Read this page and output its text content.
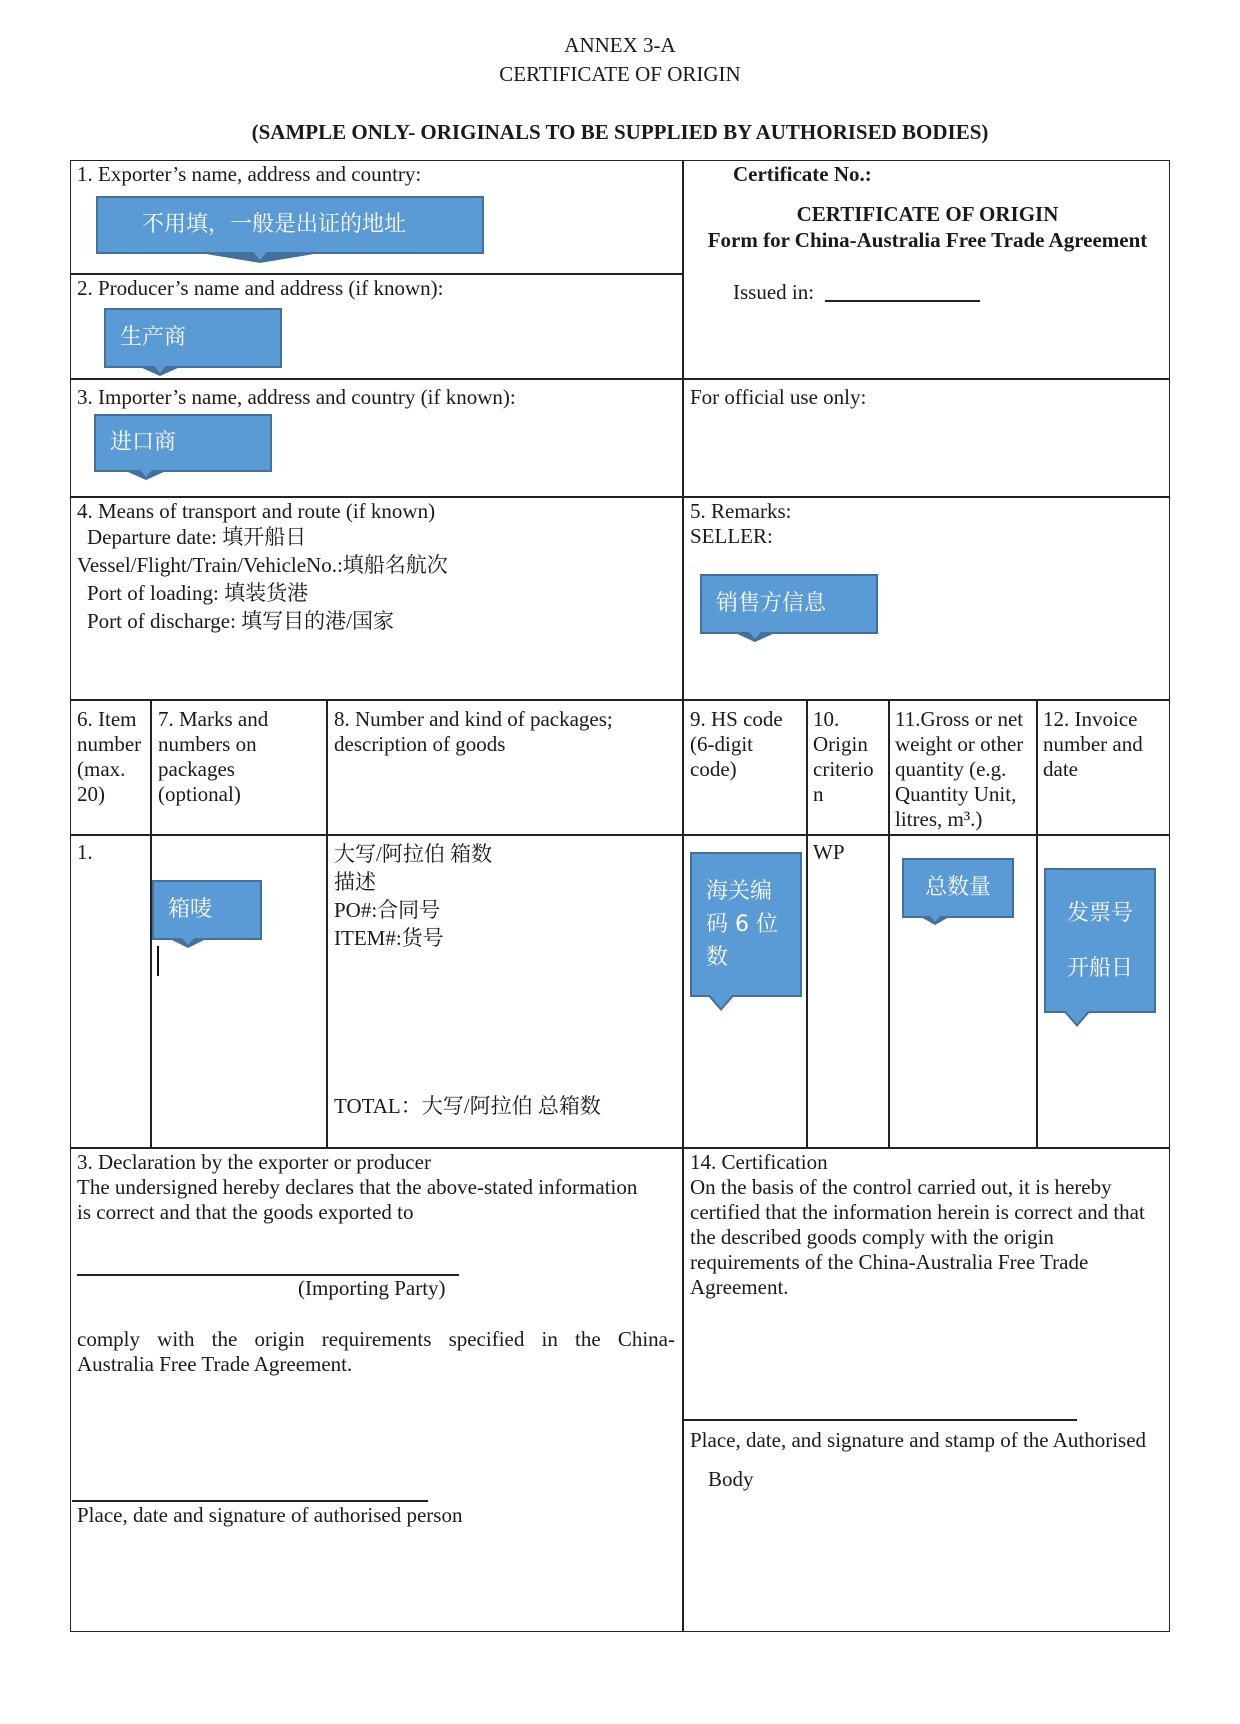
ANNEX 3-A
CERTIFICATE OF ORIGIN
(SAMPLE ONLY- ORIGINALS TO BE SUPPLIED BY AUTHORISED BODIES)
1. Exporter’s name, address and country:
不用填，一般是出证的地址
2. Producer’s name and address (if known):
生产商
3. Importer’s name, address and country (if known):
进口商
Certificate No.:
CERTIFICATE OF ORIGIN
Form for China-Australia Free Trade Agreement
Issued in:
For official use only:
4. Means of transport and route (if known)
Departure date: 填开船日
Vessel/Flight/Train/VehicleNo.:填船名航次
Port of loading: 填装货港
Port of discharge: 填写目的港/国家
5. Remarks:
SELLER:
销售方信息
6. Item
number
(max.
20)
7. Marks and
numbers on
packages
(optional)
8. Number and kind of packages;
description of goods
9. HS code
(6-digit
code)
10.
Origin
criterio
n
11.Gross or net
weight or other
quantity (e.g.
Quantity Unit,
litres, m³.)
12. Invoice
number and
date
1.
箱唛
大写/阿拉伯 箱数
描述
PO#:合同号
ITEM#:货号
TOTAL：大写/阿拉伯 总箱数
海关编
码 6 位
数
WP
总数量
发票号
开船日
3. Declaration by the exporter or producer
The undersigned hereby declares that the above-stated information
is correct and that the goods exported to
(Importing Party)
comply with the origin requirements specified in the China-
Australia Free Trade Agreement.
Place, date and signature of authorised person
14. Certification
On the basis of the control carried out, it is hereby
certified that the information herein is correct and that
the described goods comply with the origin
requirements of the China-Australia Free Trade
Agreement.
Place, date, and signature and stamp of the Authorised
Body
